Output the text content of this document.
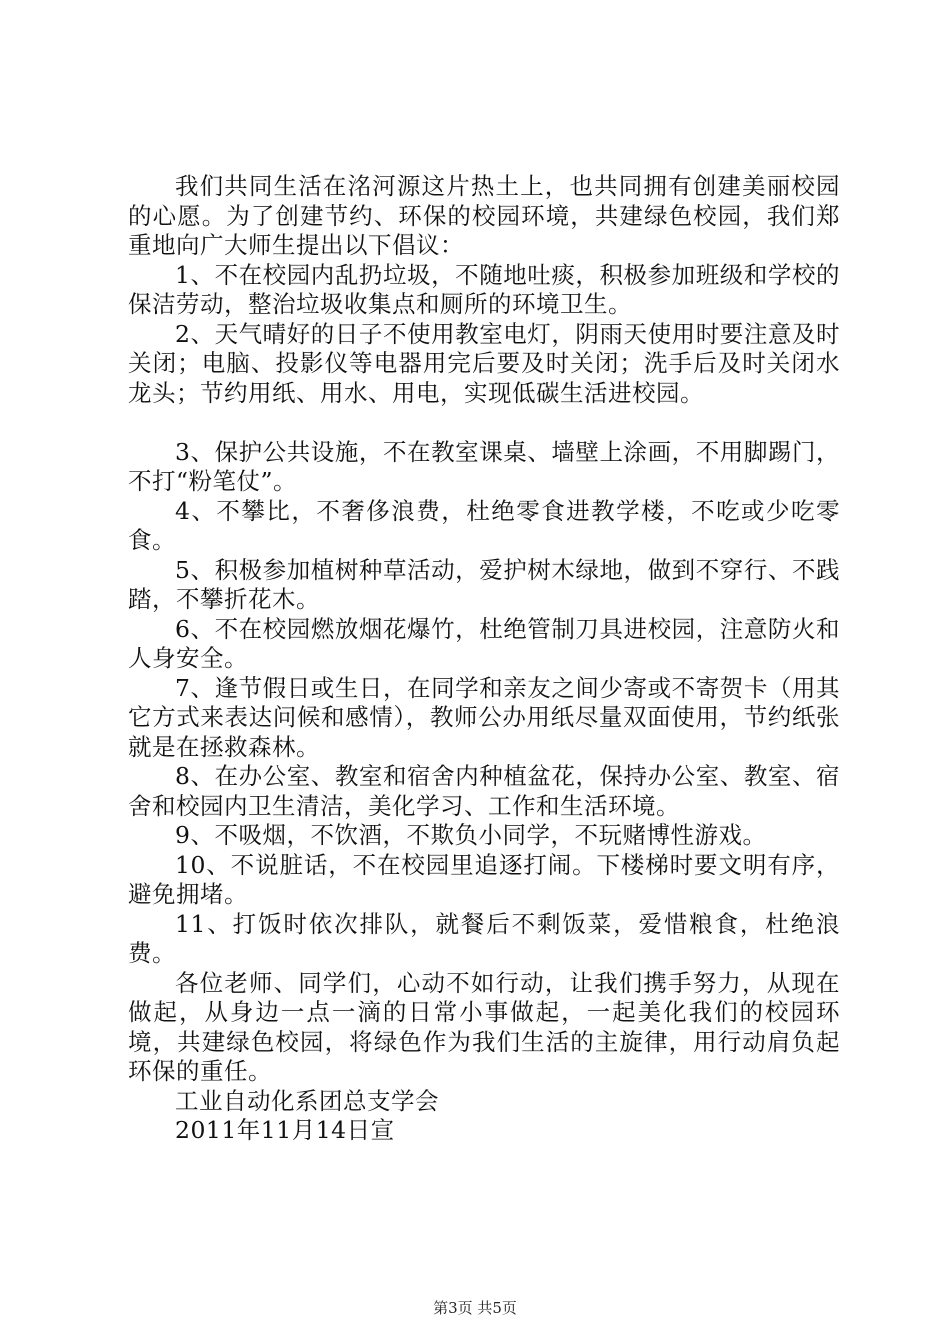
我们共同生活在洺河源这片热土上，也共同拥有创建美丽校园的心愿。为了创建节约、环保的校园环境，共建绿色校园，我们郑重地向广大师生提出以下倡议：

1、不在校园内乱扔垃圾，不随地吐痰，积极参加班级和学校的保洁劳动，整治垃圾收集点和厕所的环境卫生。

2、天气晴好的日子不使用教室电灯，阴雨天使用时要注意及时关闭；电脑、投影仪等电器用完后要及时关闭；洗手后及时关闭水龙头；节约用纸、用水、用电，实现低碳生活进校园。

3、保护公共设施，不在教室课桌、墙壁上涂画，不用脚踢门，不打“粉笔仗”。

4、不攀比，不奢侈浪费，杜绝零食进教学楼，不吃或少吃零食。

5、积极参加植树种草活动，爱护树木绿地，做到不穿行、不践踏，不攀折花木。

6、不在校园燃放烟花爆竹，杜绝管制刀具进校园，注意防火和人身安全。

7、逢节假日或生日，在同学和亲友之间少寄或不寄贺卡（用其它方式来表达问候和感情），教师公办用纸尽量双面使用，节约纸张就是在拯救森林。

8、在办公室、教室和宿舍内种植盆花，保持办公室、教室、宿舍和校园内卫生清洁，美化学习、工作和生活环境。

9、不吸烟，不饮酒，不欺负小同学，不玩赌博性游戏。

10、不说脏话，不在校园里追逐打闹。下楼梯时要文明有序，避免拥堵。

11、打饭时依次排队，就餐后不剩饭菜，爱惜粮食，杜绝浪费。

各位老师、同学们，心动不如行动，让我们携手努力，从现在做起，从身边一点一滴的日常小事做起，一起美化我们的校园环境，共建绿色校园，将绿色作为我们生活的主旋律，用行动肩负起环保的重任。

工业自动化系团总支学会

2011年11月14日宣

第3页 共5页
